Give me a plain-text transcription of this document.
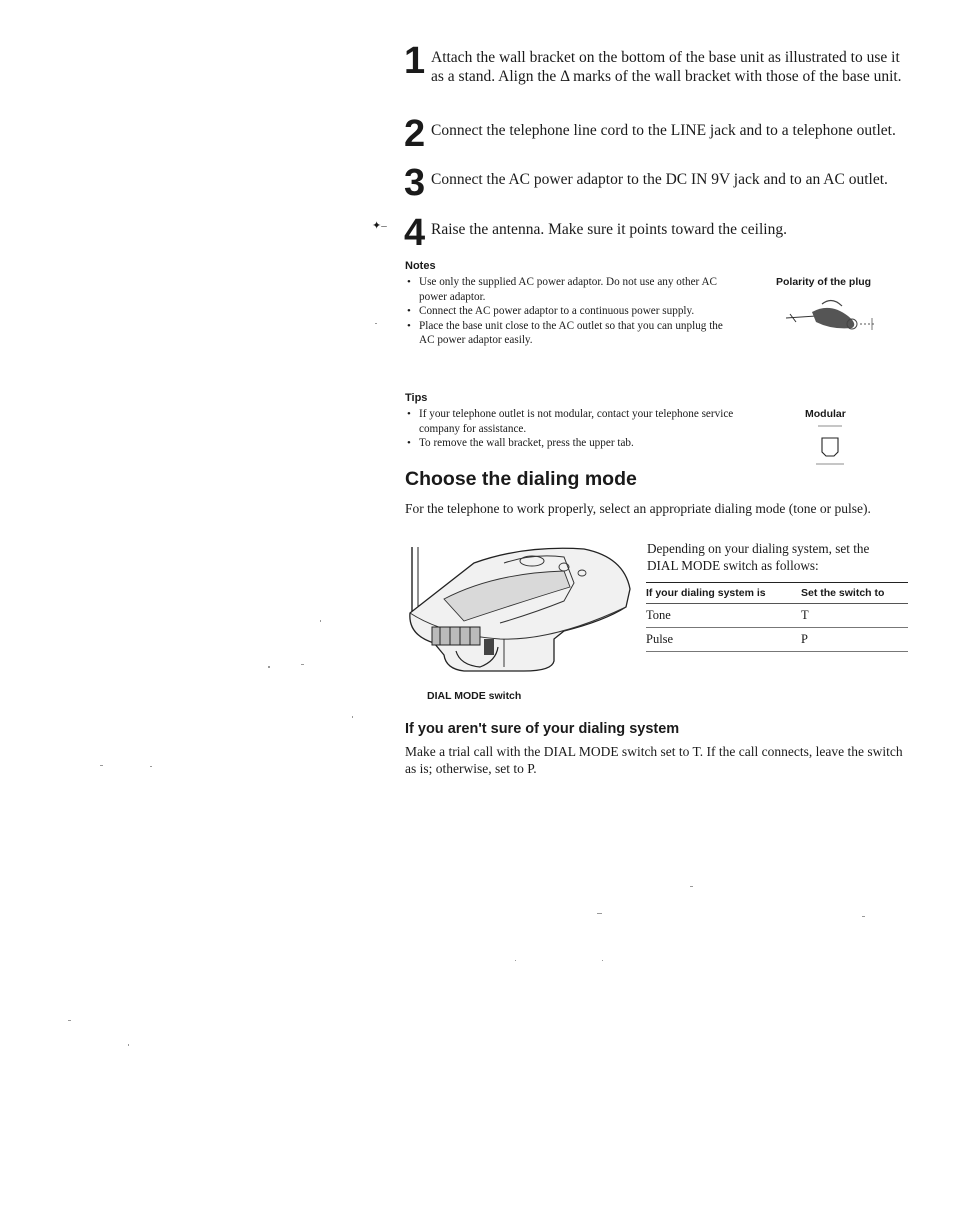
1 Attach the wall bracket on the bottom of the base unit as illustrated to use it as a stand. Align the Δ marks of the wall bracket with those of the base unit.
2 Connect the telephone line cord to the LINE jack and to a telephone outlet.
3 Connect the AC power adaptor to the DC IN 9V jack and to an AC outlet.
4 Raise the antenna. Make sure it points toward the ceiling.
✦–
Notes
• Use only the supplied AC power adaptor. Do not use any other AC power adaptor.
• Connect the AC power adaptor to a continuous power supply.
• Place the base unit close to the AC outlet so that you can unplug the AC power adaptor easily.
Polarity of the plug
Tips
• If your telephone outlet is not modular, contact your telephone service company for assistance.
• To remove the wall bracket, press the upper tab.
Modular
Choose the dialing mode
For the telephone to work properly, select an appropriate dialing mode (tone or pulse).
DIAL MODE switch
Depending on your dialing system, set the DIAL MODE switch as follows:
If your dialing system is	Set the switch to
Tone	T
Pulse	P
If you aren't sure of your dialing system
Make a trial call with the DIAL MODE switch set to T. If the call connects, leave the switch as is; otherwise, set to P.
